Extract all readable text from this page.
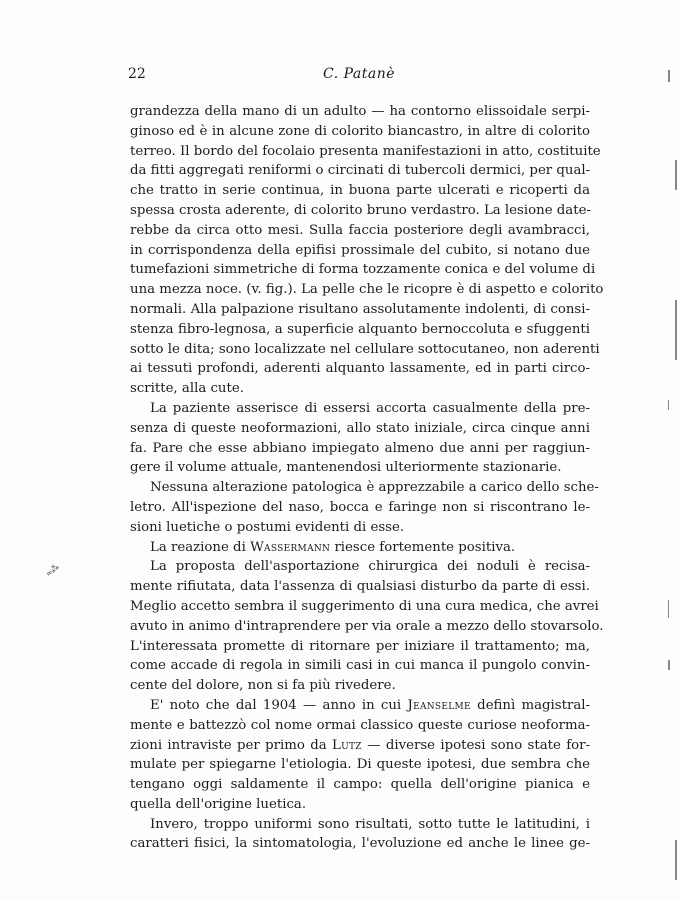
22	C. Patanè
≈⁂
grandezza della mano di un adulto — ha contorno elissoidale serpi-
ginoso ed è in alcune zone di colorito biancastro, in altre di colorito
terreo. Il bordo del focolaio presenta manifestazioni in atto, costituite
da fitti aggregati reniformi o circinati di tubercoli dermici, per qual-
che tratto in serie continua, in buona parte ulcerati e ricoperti da
spessa crosta aderente, di colorito bruno verdastro. La lesione date-
rebbe da circa otto mesi. Sulla faccia posteriore degli avambracci,
in corrispondenza della epifisi prossimale del cubito, si notano due
tumefazioni simmetriche di forma tozzamente conica e del volume di
una mezza noce. (v. fig.). La pelle che le ricopre è di aspetto e colorito
normali. Alla palpazione risultano assolutamente indolenti, di consi-
stenza fibro-legnosa, a superficie alquanto bernoccoluta e sfuggenti
sotto le dita; sono localizzate nel cellulare sottocutaneo, non aderenti
ai tessuti profondi, aderenti alquanto lassamente, ed in parti circo-
scritte, alla cute.
La paziente asserisce di essersi accorta casualmente della pre-
senza di queste neoformazioni, allo stato iniziale, circa cinque anni
fa. Pare che esse abbiano impiegato almeno due anni per raggiun-
gere il volume attuale, mantenendosi ulteriormente stazionarie.
Nessuna alterazione patologica è apprezzabile a carico dello sche-
letro. All'ispezione del naso, bocca e faringe non si riscontrano le-
sioni luetiche o postumi evidenti di esse.
La reazione di Wassermann riesce fortemente positiva.
La proposta dell'asportazione chirurgica dei noduli è recisa-
mente rifiutata, data l'assenza di qualsiasi disturbo da parte di essi.
Meglio accetto sembra il suggerimento di una cura medica, che avrei
avuto in animo d'intraprendere per via orale a mezzo dello stovarsolo.
L'interessata promette di ritornare per iniziare il trattamento; ma,
come accade di regola in simili casi in cui manca il pungolo convin-
cente del dolore, non si fa più rivedere.
E' noto che dal 1904 — anno in cui Jeanselme definì magistral-
mente e battezzò col nome ormai classico queste curiose neoforma-
zioni intraviste per primo da Lutz — diverse ipotesi sono state for-
mulate per spiegarne l'etiologia. Di queste ipotesi, due sembra che
tengano oggi saldamente il campo: quella dell'origine pianica e
quella dell'origine luetica.
Invero, troppo uniformi sono risultati, sotto tutte le latitudini, i
caratteri fisici, la sintomatologia, l'evoluzione ed anche le linee ge-
